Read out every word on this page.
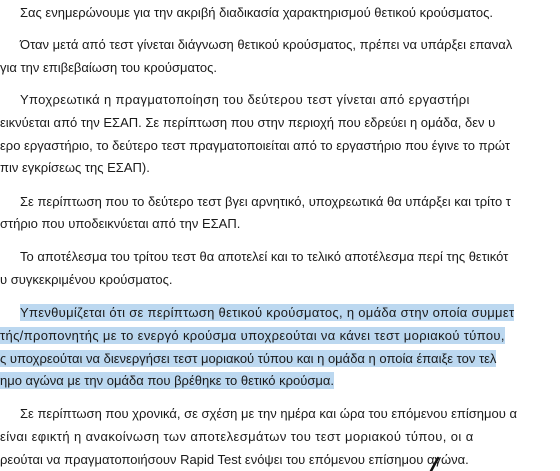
Σας ενημερώνουμε για την ακριβή διαδικασία χαρακτηρισμού θετικού κρούσματος.
Όταν μετά από τεστ γίνεται διάγνωση θετικού κρούσματος, πρέπει να υπάρξει επαναλ
για την επιβεβαίωση του κρούσματος.
Υποχρεωτικά η πραγματοποίηση του δεύτερου τεστ γίνεται από εργαστήρι
εικνύεται από την ΕΣΑΠ. Σε περίπτωση που στην περιοχή που εδρεύει η ομάδα, δεν υ
ερο εργαστήριο, το δεύτερο τεστ πραγματοποιείται από το εργαστήριο που έγινε το πρώτ
πιν εγκρίσεως της ΕΣΑΠ).
Σε περίπτωση που το δεύτερο τεστ βγει αρνητικό, υποχρεωτικά θα υπάρξει και τρίτο τ
στήριο που υποδεικνύεται από την ΕΣΑΠ.
Το αποτέλεσμα του τρίτου τεστ θα αποτελεί και το τελικό αποτέλεσμα περί της θετικότ
υ συγκεκριμένου κρούσματος.
Υπενθυμίζεται ότι σε περίπτωση θετικού κρούσματος, η ομάδα στην οποία συμμετ
τής/προπονητής με το ενεργό κρούσμα υποχρεούται να κάνει τεστ μοριακού τύπου,
ς υποχρεούται να διενεργήσει τεστ μοριακού τύπου και η ομάδα η οποία έπαιξε τον τελ
ημο αγώνα με την ομάδα που βρέθηκε το θετικό κρούσμα.
Σε περίπτωση που χρονικά, σε σχέση με την ημέρα και ώρα του επόμενου επίσημου α
είναι εφικτή η ανακοίνωση των αποτελεσμάτων του τεστ μοριακού τύπου, οι α
ρεούται να πραγματοποιήσουν Rapid Test ενόψει του επόμενου επίσημου αγώνα.
